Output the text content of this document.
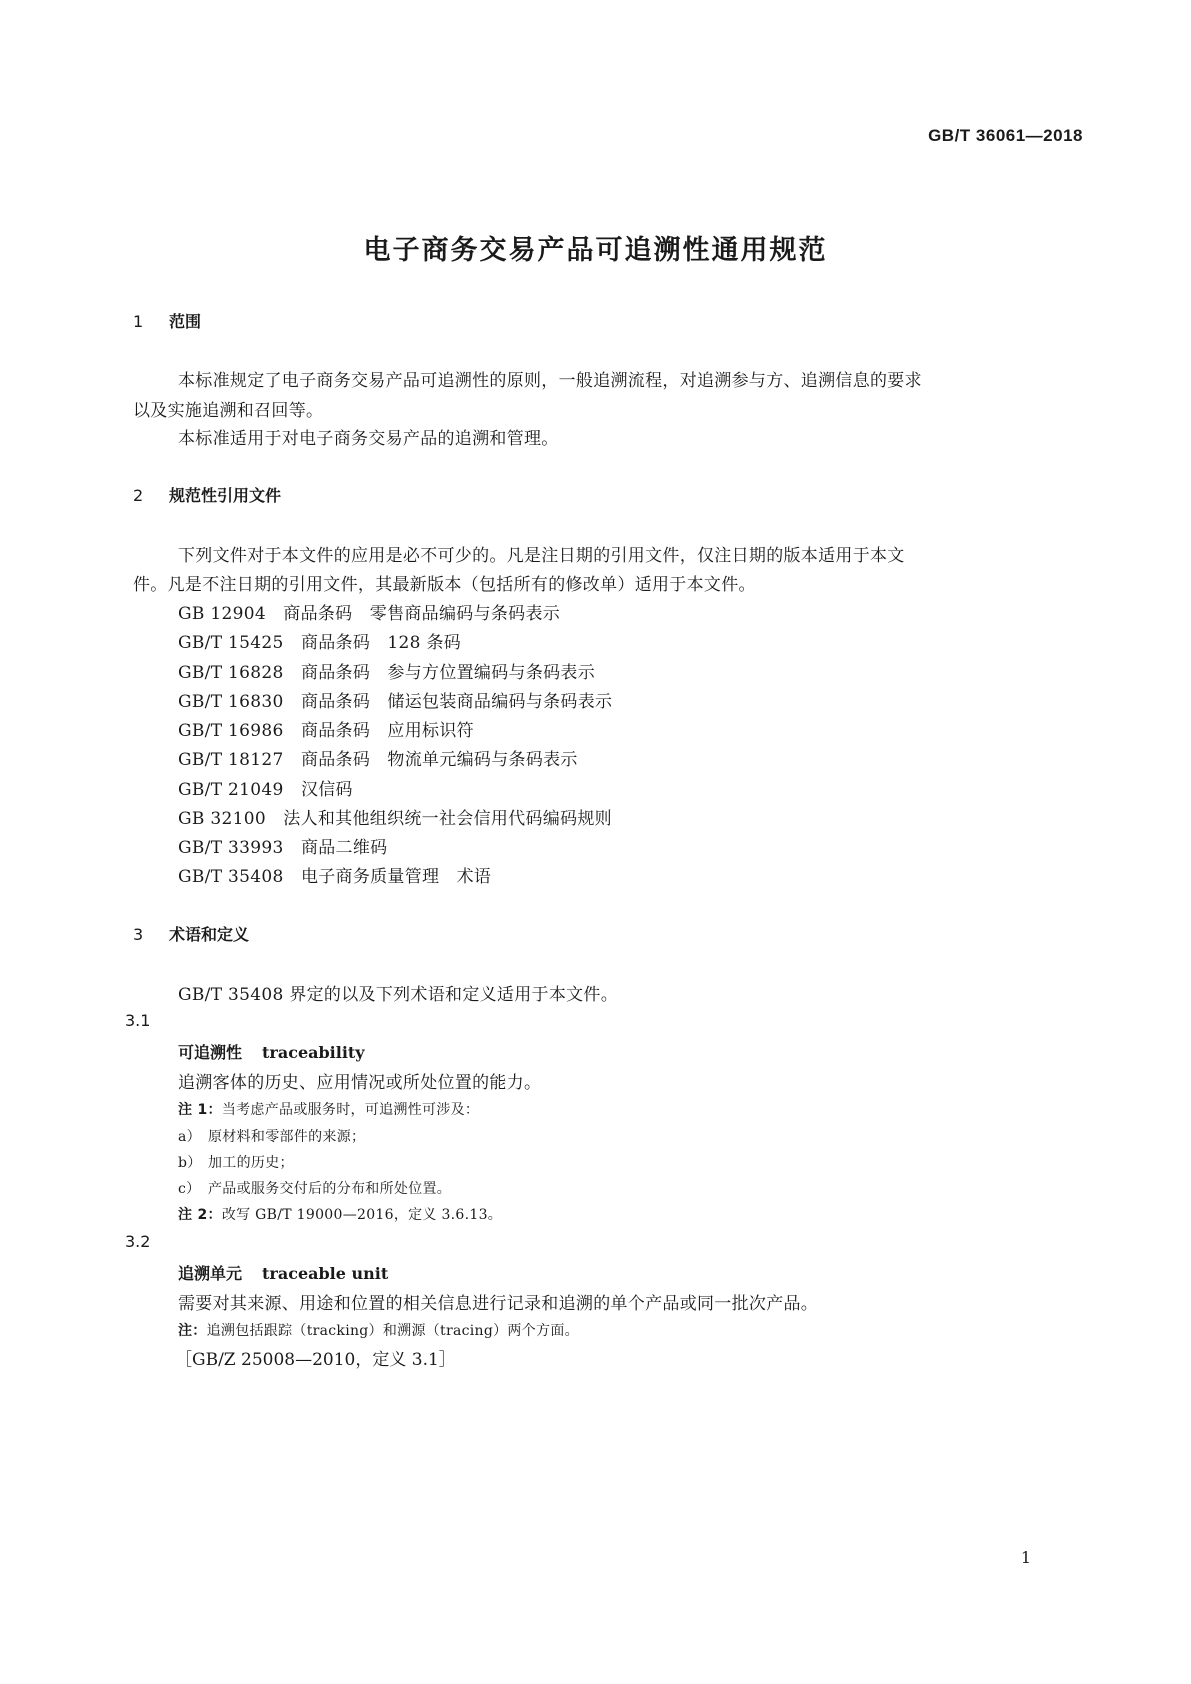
GB/T 36061—2018
电子商务交易产品可追溯性通用规范
1 范围
本标准规定了电子商务交易产品可追溯性的原则，一般追溯流程，对追溯参与方、追溯信息的要求
以及实施追溯和召回等。
本标准适用于对电子商务交易产品的追溯和管理。
2 规范性引用文件
下列文件对于本文件的应用是必不可少的。凡是注日期的引用文件，仅注日期的版本适用于本文
件。凡是不注日期的引用文件，其最新版本（包括所有的修改单）适用于本文件。
GB 12904　 商品条码　零售商品编码与条码表示
GB/T 15425　 商品条码　128 条码
GB/T 16828　 商品条码　参与方位置编码与条码表示
GB/T 16830　 商品条码　储运包装商品编码与条码表示
GB/T 16986　 商品条码　应用标识符
GB/T 18127　 商品条码　物流单元编码与条码表示
GB/T 21049　 汉信码
GB 32100　 法人和其他组织统一社会信用代码编码规则
GB/T 33993　 商品二维码
GB/T 35408　 电子商务质量管理　术语
3 术语和定义
GB/T 35408 界定的以及下列术语和定义适用于本文件。
3.1
可追溯性 traceability
追溯客体的历史、应用情况或所处位置的能力。
注 1：当考虑产品或服务时，可追溯性可涉及：
a） 原材料和零部件的来源；
b） 加工的历史；
c） 产品或服务交付后的分布和所处位置。
注 2：改写 GB/T 19000—2016，定义 3.6.13。
3.2
追溯单元 traceable unit
需要对其来源、用途和位置的相关信息进行记录和追溯的单个产品或同一批次产品。
注：追溯包括跟踪（tracking）和溯源（tracing）两个方面。
［GB/Z 25008—2010，定义 3.1］
1
